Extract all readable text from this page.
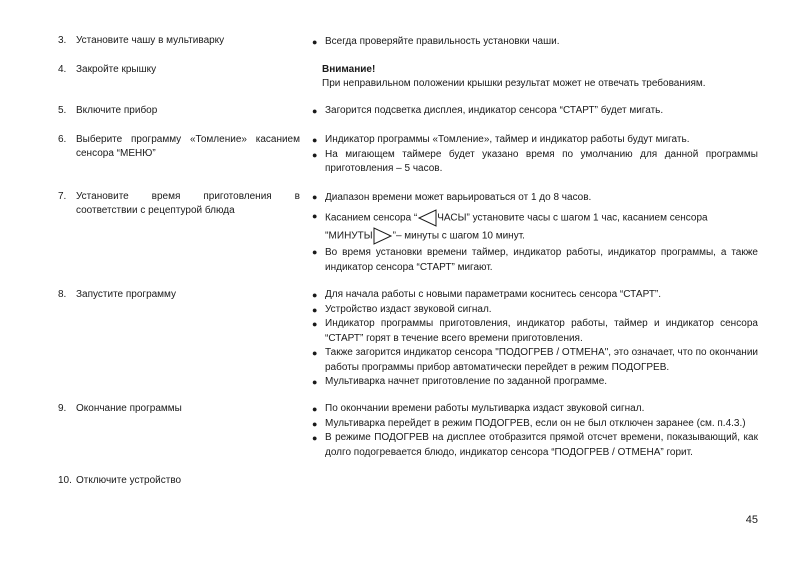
3. Установите чашу в мультиварку
4. Закройте крышку
5. Включите прибор
6. Выберите программу «Томление» касанием
сенсора “МЕНЮ”
7. Установите время приготовления в
соответствии с рецептурой блюда
8. Запустите программу
9. Окончание программы
10. Отключите устройство
● Всегда проверяйте правильность установки чаши.
Внимание!
При неправильном положении крышки результат может не отвечать требованиям.
● Загорится подсветка дисплея, индикатор сенсора “СТАРТ” будет мигать.
● Индикатор программы «Томление», таймер и индикатор работы будут мигать.
● На мигающем таймере будет указано время по умолчанию для данной программы приготовления – 5 часов.
● Диапазон времени может варьироваться от 1 до 8 часов.
● Касанием сенсора “ ЧАСЫ” установите часы с шагом 1 час, касанием сенсора
"МИНУТЫ ”– минуты с шагом 10 минут.
● Во время установки времени таймер, индикатор работы, индикатор программы, а также индикатор сенсора “СТАРТ” мигают.
● Для начала работы с новыми параметрами коснитесь сенсора “СТАРТ”.
● Устройство издаст звуковой сигнал.
● Индикатор программы приготовления, индикатор работы, таймер и индикатор сенсора “СТАРТ” горят в течение всего времени приготовления.
● Также загорится индикатор сенсора "ПОДОГРЕВ / ОТМЕНА", это означает, что по окончании работы программы прибор автоматически перейдет в режим ПОДОГРЕВ.
● Мультиварка начнет приготовление по заданной программе.
● По окончании времени работы мультиварка издаст звуковой сигнал.
● Мультиварка перейдет в режим ПОДОГРЕВ, если он не был отключен заранее (см. п.4.3.)
● В режиме ПОДОГРЕВ на дисплее отобразится прямой отсчет времени, показывающий, как долго подогревается блюдо, индикатор сенсора “ПОДОГРЕВ / ОТМЕНА” горит.
45
